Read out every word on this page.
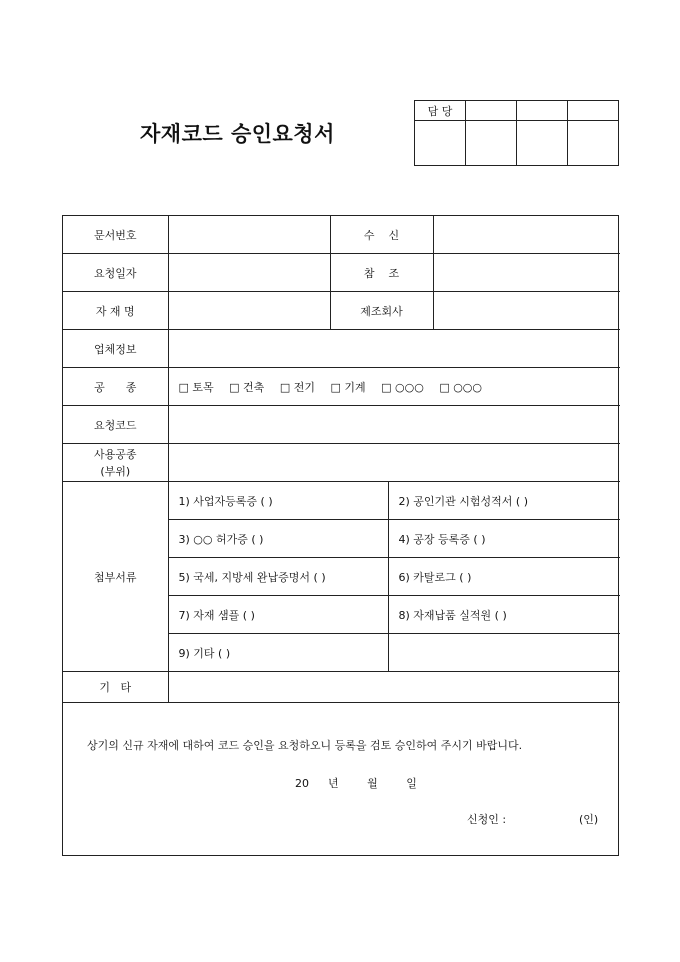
자재코드 승인요청서
담 당			

문서번호		수    신	
요청일자		참    조	
자 재 명		제조회사	
업체정보			
공      종	□ 토목 □ 건축 □ 전기 □ 기계 □ ○○○ □ ○○○		
요청코드			
사용공종
(부위)			
첨부서류	1) 사업자등록증 ( )	2) 공인기관 시험성적서 ( )
	3) ○○ 허가증 ( )	4) 공장 등록증 ( )
	5) 국세, 지방세 완납증명서 ( )	6) 카탈로그 ( )
	7) 자재 샘플 ( )	8) 자재납품 실적원 ( )
	9) 기타 ( )	
기   타	
상기의 신규 자재에 대하여 코드 승인을 요청하오니 등록을 검토 승인하여 주시기 바랍니다.
20  년   월   일
신청인 :	(인)
